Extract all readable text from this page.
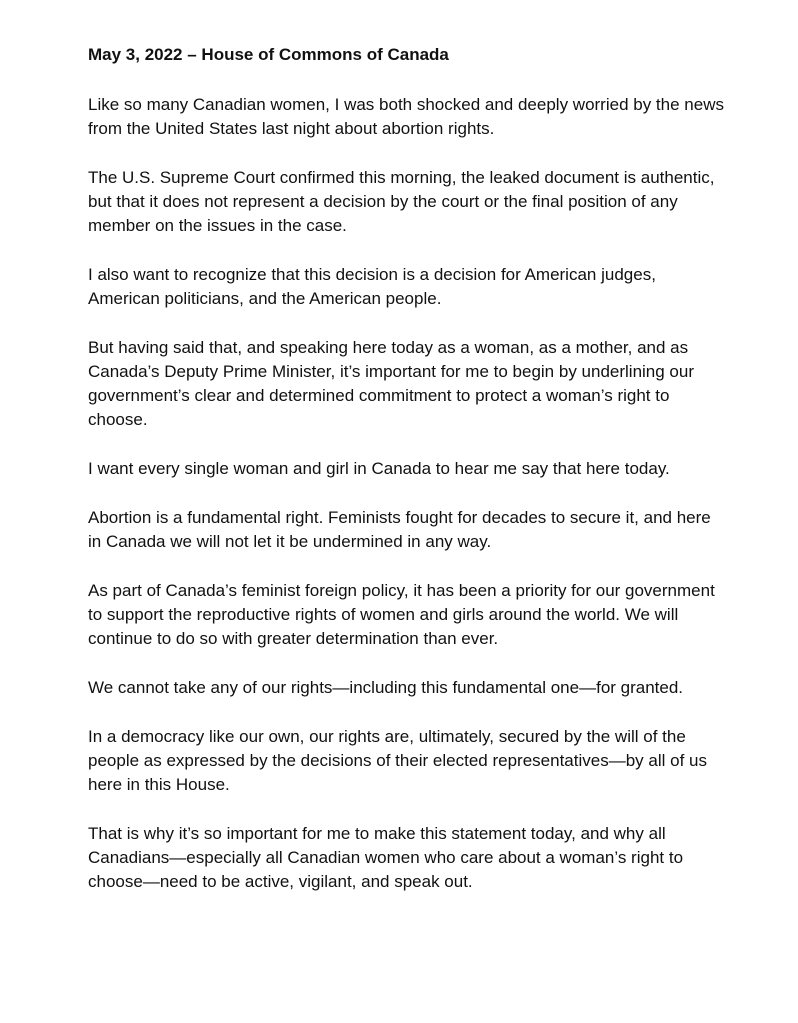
May 3, 2022 – House of Commons of Canada

Like so many Canadian women, I was both shocked and deeply worried by the news from the United States last night about abortion rights.

The U.S. Supreme Court confirmed this morning, the leaked document is authentic, but that it does not represent a decision by the court or the final position of any member on the issues in the case.

I also want to recognize that this decision is a decision for American judges, American politicians, and the American people.

But having said that, and speaking here today as a woman, as a mother, and as Canada’s Deputy Prime Minister, it’s important for me to begin by underlining our government’s clear and determined commitment to protect a woman’s right to choose.

I want every single woman and girl in Canada to hear me say that here today.

Abortion is a fundamental right. Feminists fought for decades to secure it, and here in Canada we will not let it be undermined in any way.

As part of Canada’s feminist foreign policy, it has been a priority for our government to support the reproductive rights of women and girls around the world. We will continue to do so with greater determination than ever.

We cannot take any of our rights—including this fundamental one—for granted.

In a democracy like our own, our rights are, ultimately, secured by the will of the people as expressed by the decisions of their elected representatives—by all of us here in this House.

That is why it’s so important for me to make this statement today, and why all Canadians—especially all Canadian women who care about a woman’s right to choose—need to be active, vigilant, and speak out.
